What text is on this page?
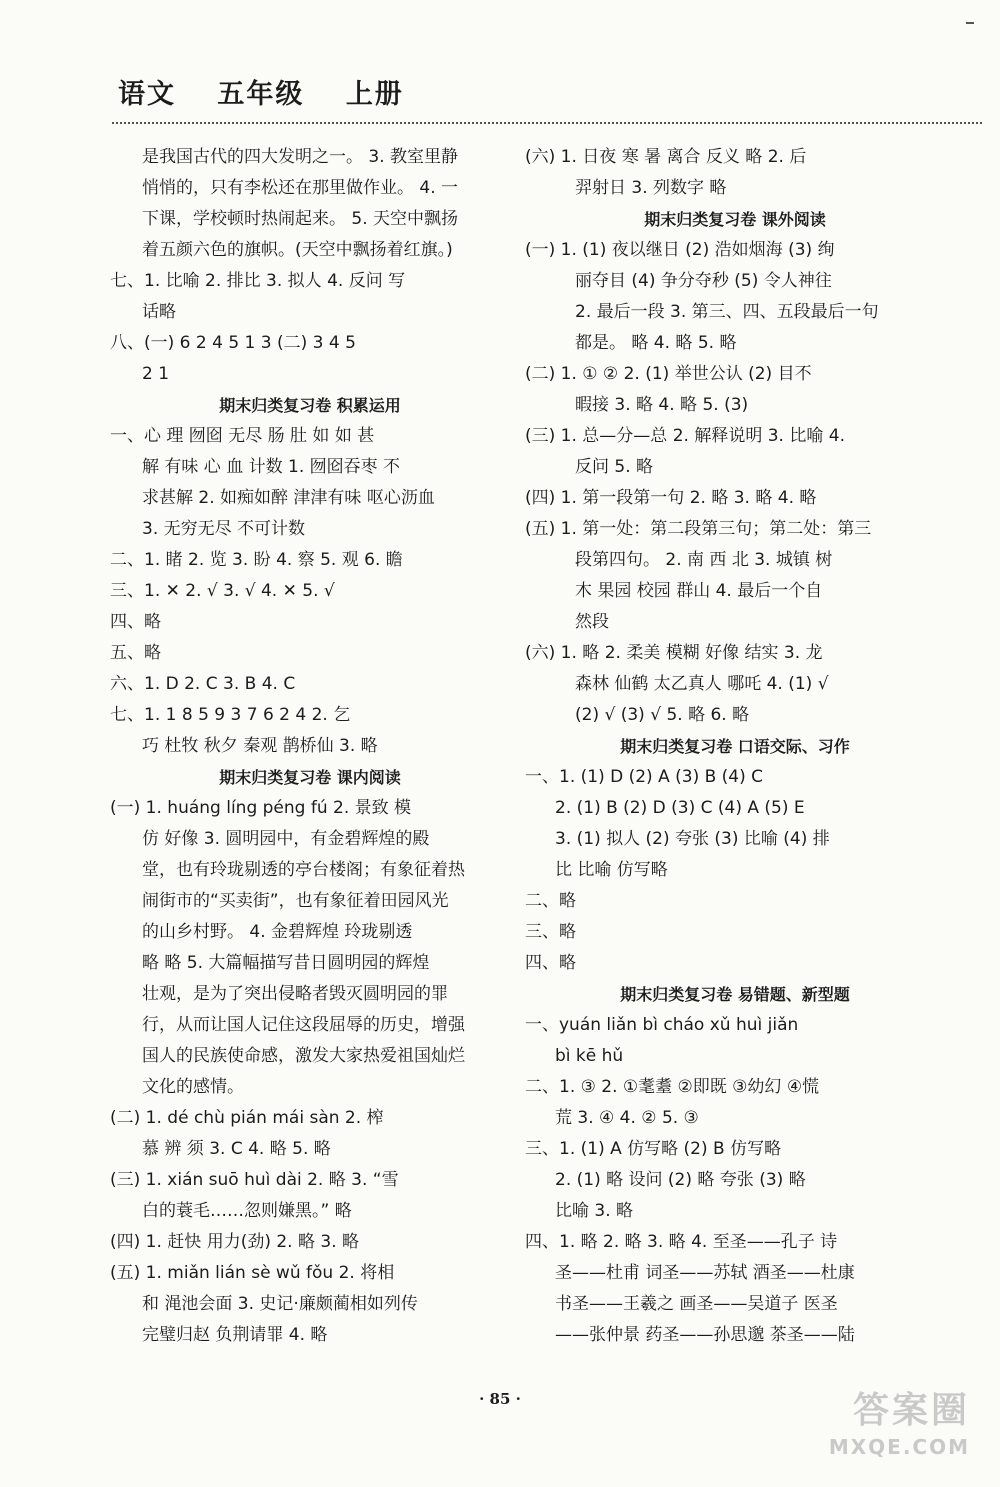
语文 五年级 上册
是我国古代的四大发明之一。 3. 教室里静
悄悄的，只有李松还在那里做作业。 4. 一
下课，学校顿时热闹起来。 5. 天空中飘扬
着五颜六色的旗帜。(天空中飘扬着红旗。)
七、1. 比喻 2. 排比 3. 拟人 4. 反问 写
话略
八、(一) 6 2 4 5 1 3 (二) 3 4 5
2 1
期末归类复习卷 积累运用
一、心 理 囫囵 无尽 肠 肚 如 如 甚
解 有味 心 血 计数 1. 囫囵吞枣 不
求甚解 2. 如痴如醉 津津有味 呕心沥血
3. 无穷无尽 不可计数
二、1. 睹 2. 览 3. 盼 4. 察 5. 观 6. 瞻
三、1. ✕ 2. √ 3. √ 4. ✕ 5. √
四、略
五、略
六、1. D 2. C 3. B 4. C
七、1. 1 8 5 9 3 7 6 2 4 2. 乞
巧 杜牧 秋夕 秦观 鹊桥仙 3. 略
期末归类复习卷 课内阅读
(一) 1. huáng líng péng fú 2. 景致 模
仿 好像 3. 圆明园中，有金碧辉煌的殿
堂，也有玲珑剔透的亭台楼阁；有象征着热
闹街市的“买卖街”，也有象征着田园风光
的山乡村野。 4. 金碧辉煌 玲珑剔透
略 略 5. 大篇幅描写昔日圆明园的辉煌
壮观，是为了突出侵略者毁灭圆明园的罪
行，从而让国人记住这段屈辱的历史，增强
国人的民族使命感，激发大家热爱祖国灿烂
文化的感情。
(二) 1. dé chù pián mái sàn 2. 榨
慕 辨 须 3. C 4. 略 5. 略
(三) 1. xián suō huì dài 2. 略 3. “雪
白的蓑毛……忽则嫌黑。” 略
(四) 1. 赶快 用力(劲) 2. 略 3. 略
(五) 1. miǎn lián sè wǔ fǒu 2. 将相
和 渑池会面 3. 史记·廉颇蔺相如列传
完璧归赵 负荆请罪 4. 略
(六) 1. 日夜 寒 暑 离合 反义 略 2. 后
羿射日 3. 列数字 略
期末归类复习卷 课外阅读
(一) 1. (1) 夜以继日 (2) 浩如烟海 (3) 绚
丽夺目 (4) 争分夺秒 (5) 令人神往
2. 最后一段 3. 第三、四、五段最后一句
都是。 略 4. 略 5. 略
(二) 1. ① ② 2. (1) 举世公认 (2) 目不
暇接 3. 略 4. 略 5. (3)
(三) 1. 总—分—总 2. 解释说明 3. 比喻 4.
反问 5. 略
(四) 1. 第一段第一句 2. 略 3. 略 4. 略
(五) 1. 第一处：第二段第三句；第二处：第三
段第四句。 2. 南 西 北 3. 城镇 树
木 果园 校园 群山 4. 最后一个自
然段
(六) 1. 略 2. 柔美 模糊 好像 结实 3. 龙
森林 仙鹤 太乙真人 哪吒 4. (1) √
(2) √ (3) √ 5. 略 6. 略
期末归类复习卷 口语交际、习作
一、1. (1) D (2) A (3) B (4) C
2. (1) B (2) D (3) C (4) A (5) E
3. (1) 拟人 (2) 夸张 (3) 比喻 (4) 排
比 比喻 仿写略
二、略
三、略
四、略
期末归类复习卷 易错题、新型题
一、yuán liǎn bì cháo xǔ huì jiǎn
bì kē hǔ
二、1. ③ 2. ①耄耋 ②即既 ③幼幻 ④慌
荒 3. ④ 4. ② 5. ③
三、1. (1) A 仿写略 (2) B 仿写略
2. (1) 略 设问 (2) 略 夸张 (3) 略
比喻 3. 略
四、1. 略 2. 略 3. 略 4. 至圣——孔子 诗
圣——杜甫 词圣——苏轼 酒圣——杜康
书圣——王羲之 画圣——吴道子 医圣
——张仲景 药圣——孙思邈 茶圣——陆
· 85 ·	答案圈
MXQE.COM
